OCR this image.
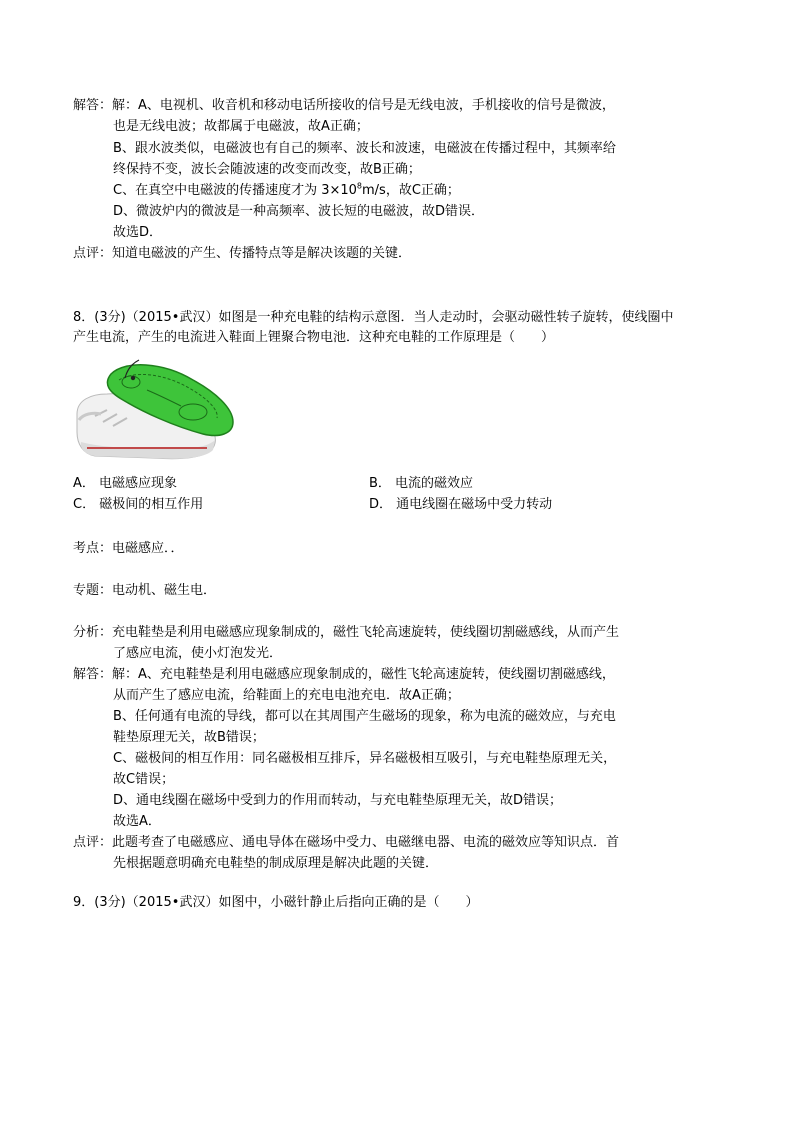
解答：解：A、电视机、收音机和移动电话所接收的信号是无线电波，手机接收的信号是微波，
也是无线电波；故都属于电磁波，故A正确；
B、跟水波类似，电磁波也有自己的频率、波长和波速，电磁波在传播过程中，其频率给
终保持不变，波长会随波速的改变而改变，故B正确；
C、在真空中电磁波的传播速度才为 $3\times 10^8m/s$，故C正确；
D、微波炉内的微波是一种高频率、波长短的电磁波，故D错误．
故选D．
点评：知道电磁波的产生、传播特点等是解决该题的关键．
8．(3分)（2015•武汉）如图是一种充电鞋的结构示意图．当人走动时，会驱动磁性转子旋转，使线圈中
产生电流，产生的电流进入鞋面上锂聚合物电池．这种充电鞋的工作原理是（　　）
A． 电磁感应现象	B． 电流的磁效应
C． 磁极间的相互作用	D． 通电线圈在磁场中受力转动
考点：电磁感应．．
专题：电动机、磁生电．
分析：充电鞋垫是利用电磁感应现象制成的，磁性飞轮高速旋转，使线圈切割磁感线，从而产生
了感应电流，使小灯泡发光．
解答：解：A、充电鞋垫是利用电磁感应现象制成的，磁性飞轮高速旋转，使线圈切割磁感线，
从而产生了感应电流，给鞋面上的充电电池充电．故A正确；
B、任何通有电流的导线，都可以在其周围产生磁场的现象，称为电流的磁效应，与充电
鞋垫原理无关，故B错误；
C、磁极间的相互作用：同名磁极相互排斥，异名磁极相互吸引，与充电鞋垫原理无关，
故C错误；
D、通电线圈在磁场中受到力的作用而转动，与充电鞋垫原理无关，故D错误；
故选A．
点评：此题考查了电磁感应、通电导体在磁场中受力、电磁继电器、电流的磁效应等知识点．首
先根据题意明确充电鞋垫的制成原理是解决此题的关键．
9．(3分)（2015•武汉）如图中，小磁针静止后指向正确的是（　　）
